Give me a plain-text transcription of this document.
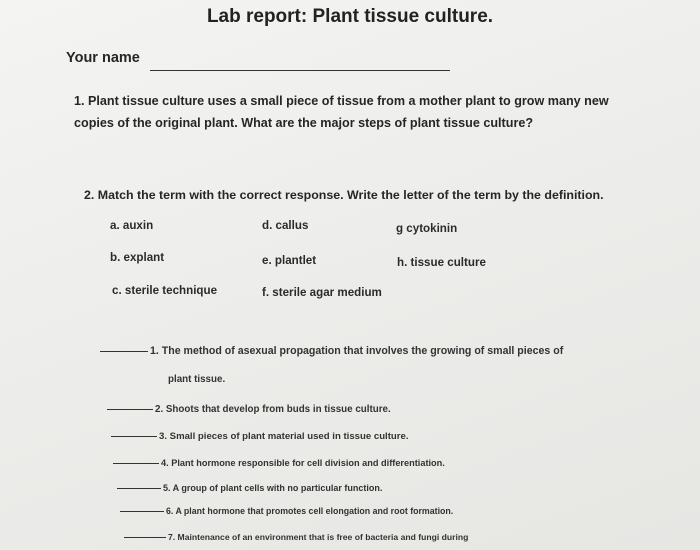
Lab report: Plant tissue culture.
Your name
1. Plant tissue culture uses a small piece of tissue from a mother plant to grow many new
copies of the original plant. What are the major steps of plant tissue culture?
2. Match the term with the correct response. Write the letter of the term by the definition.
a. auxin	d. callus	g cytokinin
b. explant	e. plantlet	h. tissue culture
c. sterile technique	f. sterile agar medium
1. The method of asexual propagation that involves the growing of small pieces of
plant tissue.
2. Shoots that develop from buds in tissue culture.
3. Small pieces of plant material used in tissue culture.
4. Plant hormone responsible for cell division and differentiation.
5. A group of plant cells with no particular function.
6. A plant hormone that promotes cell elongation and root formation.
7. Maintenance of an environment that is free of bacteria and fungi during
